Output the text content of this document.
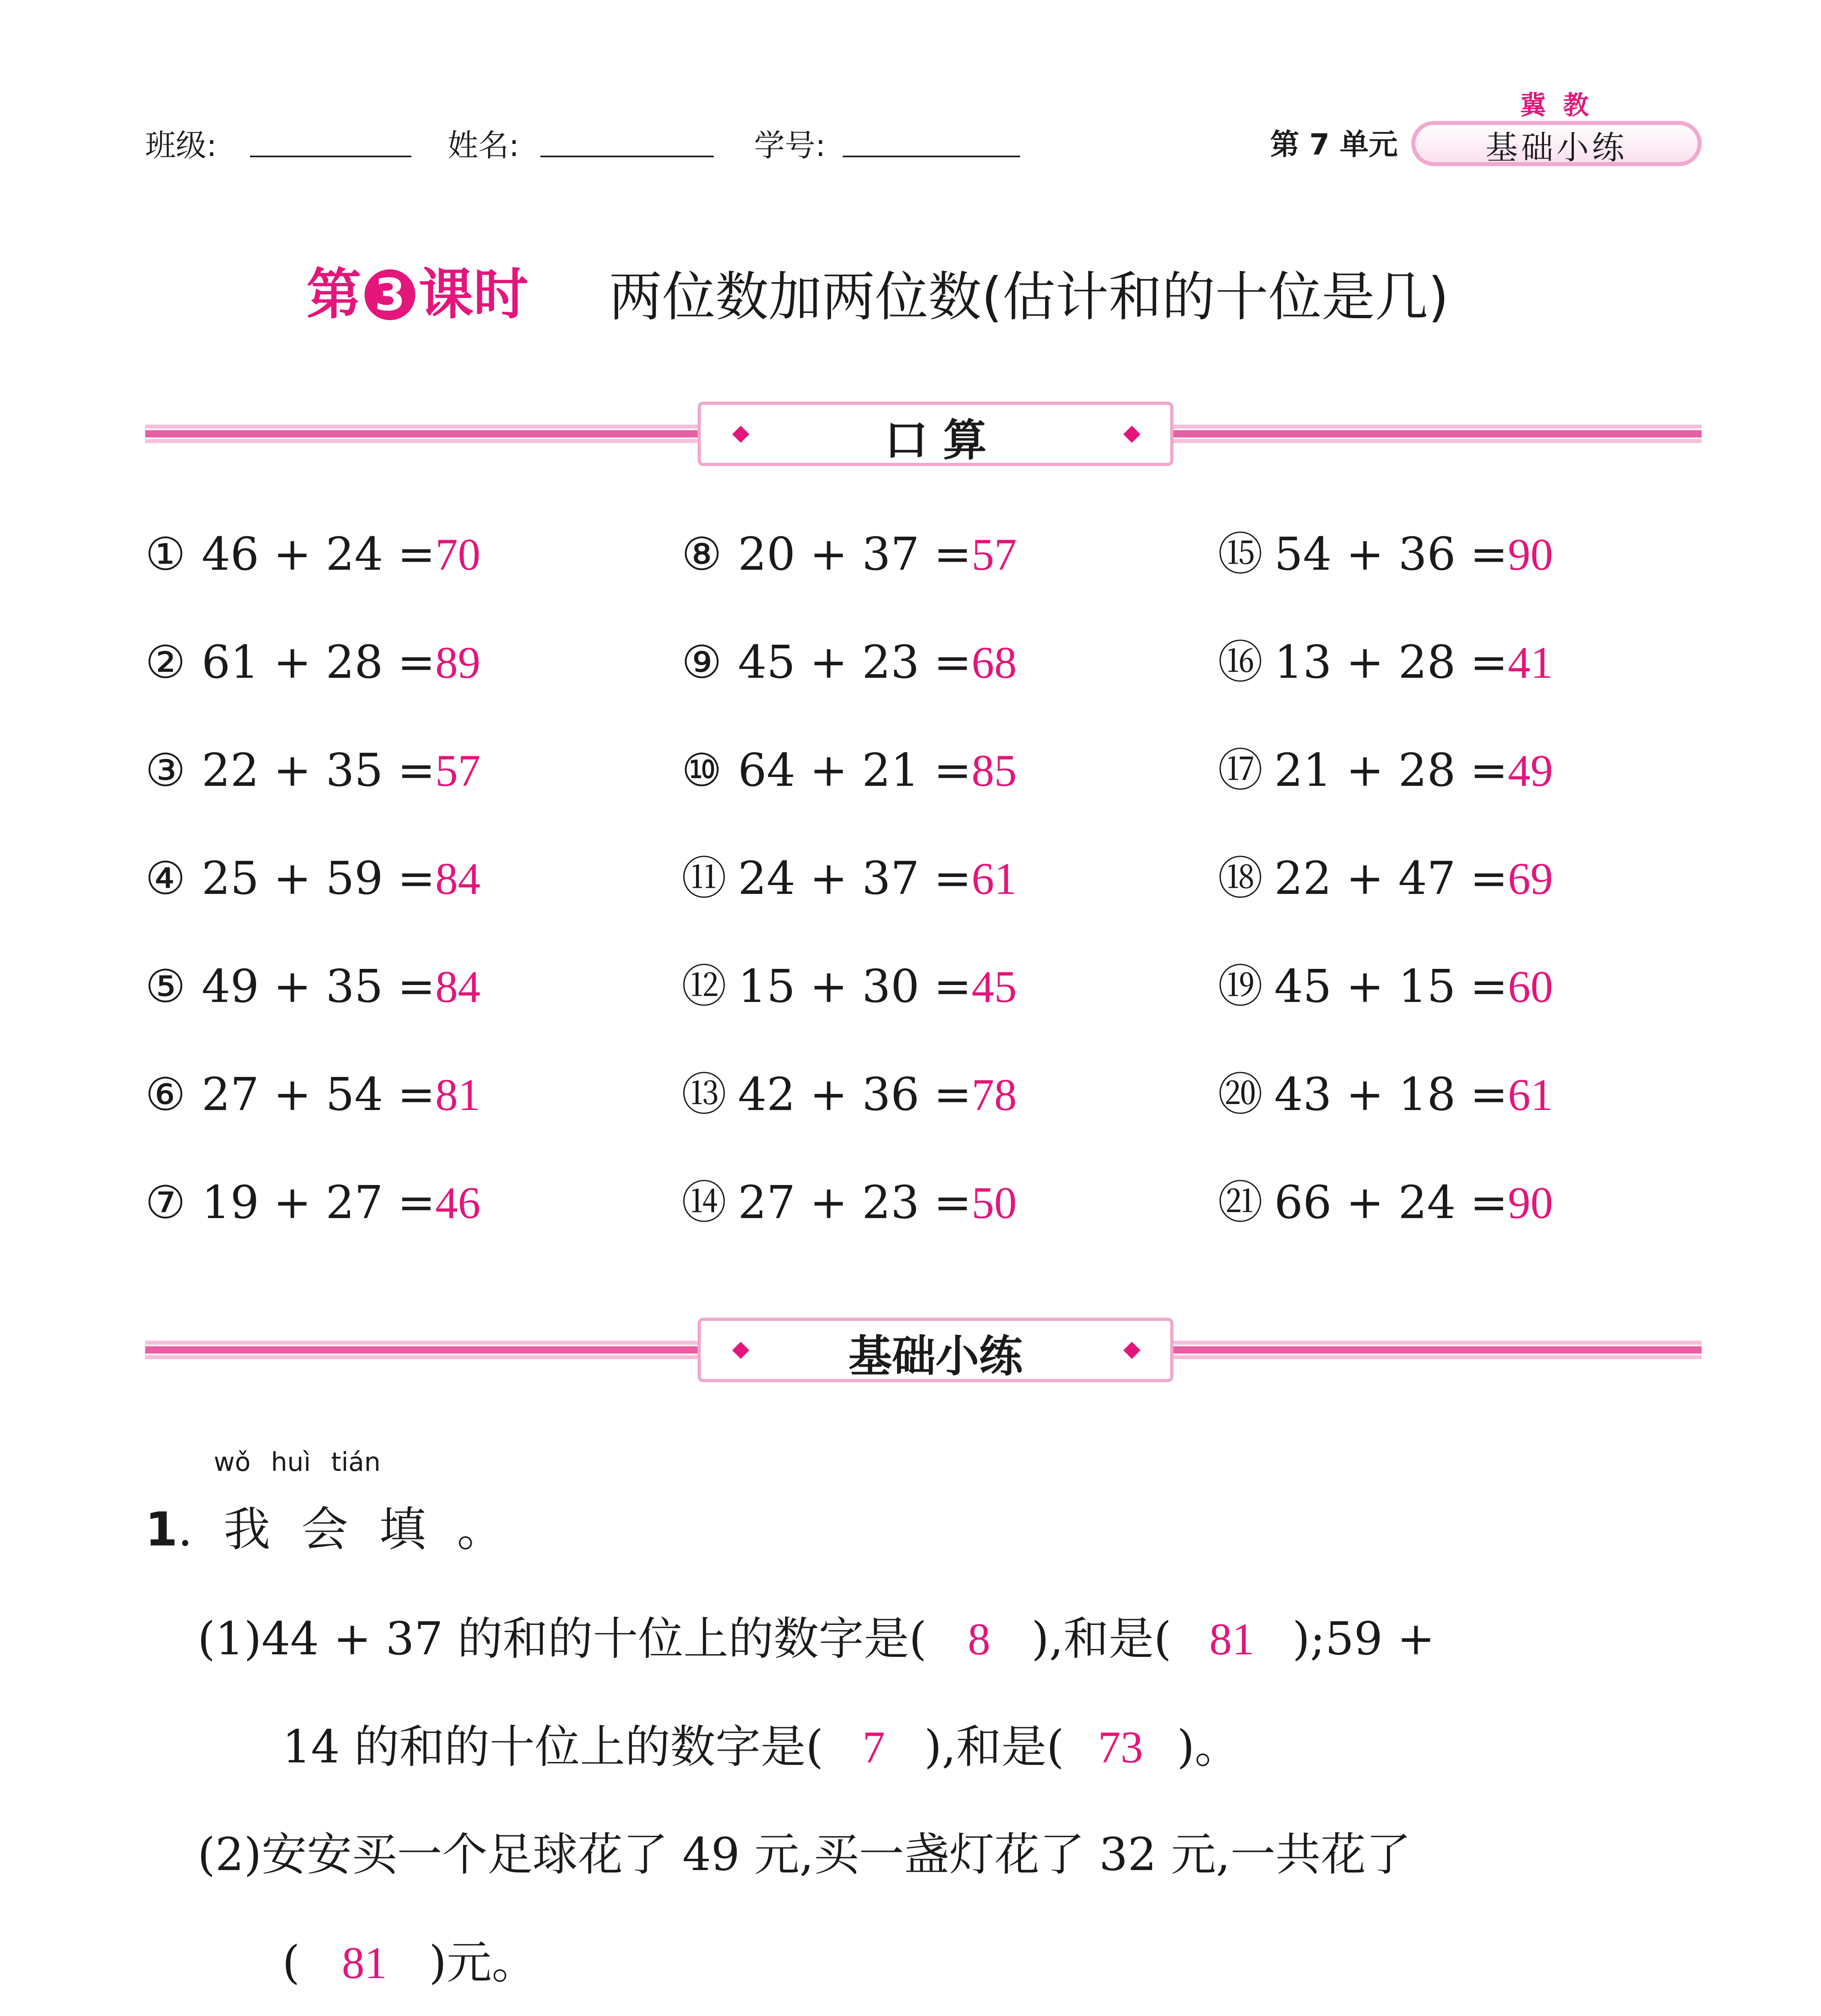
班级:	姓名:	学号:	第 7 单元
冀 教
基础小练
第 3 课时 两位数加两位数(估计和的十位是几)
口 算
① 46 + 24 =70
② 61 + 28 =89
③ 22 + 35 =57
④ 25 + 59 =84
⑤ 49 + 35 =84
⑥ 27 + 54 =81
⑦ 19 + 27 =46
⑧ 20 + 37 =57
⑨ 45 + 23 =68
⑩ 64 + 21 =85
⑪ 24 + 37 =61
⑫ 15 + 30 =45
⑬ 42 + 36 =78
⑭ 27 + 23 =50
⑮ 54 + 36 =90
⑯ 13 + 28 =41
⑰ 21 + 28 =49
⑱ 22 + 47 =69
⑲ 45 + 15 =60
⑳ 43 + 18 =61
㉑ 66 + 24 =90
基础小练
wǒ huì tián
1. 我 会 填 。
(1)44 + 37 的和的十位上的数字是( 8 ),和是( 81 );59 +
14 的和的十位上的数字是( 7 ),和是( 73 )。
(2)安安买一个足球花了 49 元,买一盏灯花了 32 元,一共花了
( 81 )元。
